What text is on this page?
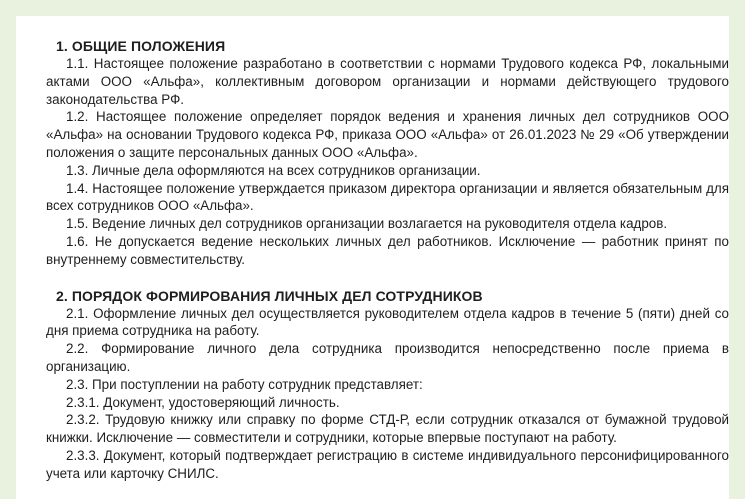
1. ОБЩИЕ ПОЛОЖЕНИЯ

1.1. Настоящее положение разработано в соответствии с нормами Трудового кодекса РФ, локальными актами ООО «Альфа», коллективным договором организации и нормами действующего трудового законодательства РФ.

1.2. Настоящее положение определяет порядок ведения и хранения личных дел сотрудников ООО «Альфа» на основании Трудового кодекса РФ, приказа ООО «Альфа» от 26.01.2023 № 29 «Об утверждении положения о защите персональных данных ООО «Альфа».

1.3. Личные дела оформляются на всех сотрудников организации.

1.4. Настоящее положение утверждается приказом директора организации и является обязательным для всех сотрудников ООО «Альфа».

1.5. Ведение личных дел сотрудников организации возлагается на руководителя отдела кадров.

1.6. Не допускается ведение нескольких личных дел работников. Исключение — работник принят по внутреннему совместительству.

2. ПОРЯДОК ФОРМИРОВАНИЯ ЛИЧНЫХ ДЕЛ СОТРУДНИКОВ

2.1. Оформление личных дел осуществляется руководителем отдела кадров в течение 5 (пяти) дней со дня приема сотрудника на работу.

2.2. Формирование личного дела сотрудника производится непосредственно после приема в организацию.

2.3. При поступлении на работу сотрудник представляет:

2.3.1. Документ, удостоверяющий личность.

2.3.2. Трудовую книжку или справку по форме СТД-Р, если сотрудник отказался от бумажной трудовой книжки. Исключение — совместители и сотрудники, которые впервые поступают на работу.

2.3.3. Документ, который подтверждает регистрацию в системе индивидуального персонифицированного учета или карточку СНИЛС.
